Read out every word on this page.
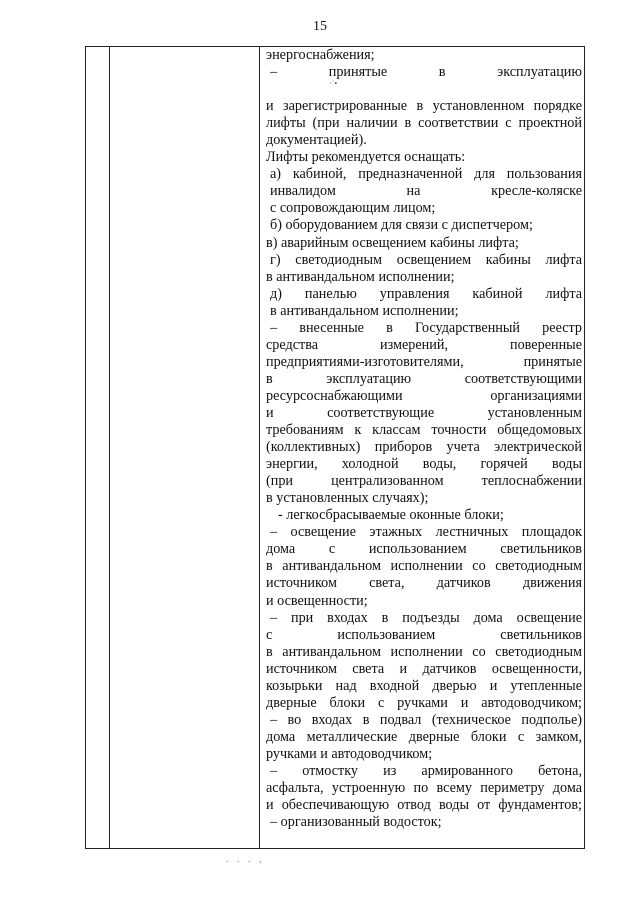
15
энергоснабжения;
– принятые в эксплуатацию
и зарегистрированные в установленном порядке
лифты (при наличии в соответствии с проектной
документацией).
Лифты рекомендуется оснащать:
а) кабиной, предназначенной для пользования
инвалидом на кресле-коляске
с сопровождающим лицом;
б) оборудованием для связи с диспетчером;
в) аварийным освещением кабины лифта;
г) светодиодным освещением кабины лифта
в антивандальном исполнении;
д) панелью управления кабиной лифта
в антивандальном исполнении;
– внесенные в Государственный реестр
средства измерений, поверенные
предприятиями-изготовителями, принятые
в эксплуатацию соответствующими
ресурсоснабжающими организациями
и соответствующие установленным
требованиям к классам точности общедомовых
(коллективных) приборов учета электрической
энергии, холодной воды, горячей воды
(при централизованном теплоснабжении
в установленных случаях);
- легкосбрасываемые оконные блоки;
– освещение этажных лестничных площадок
дома с использованием светильников
в антивандальном исполнении со светодиодным
источником света, датчиков движения
и освещенности;
– при входах в подъезды дома освещение
с использованием светильников
в антивандальном исполнении со светодиодным
источником света и датчиков освещенности,
козырьки над входной дверью и утепленные
дверные блоки с ручками и автодоводчиком;
– во входах в подвал (техническое подполье)
дома металлические дверные блоки с замком,
ручками и автодоводчиком;
– отмостку из армированного бетона,
асфальта, устроенную по всему периметру дома
и обеспечивающую отвод воды от фундаментов;
– организованный водосток;
·˙•
. . . ,
